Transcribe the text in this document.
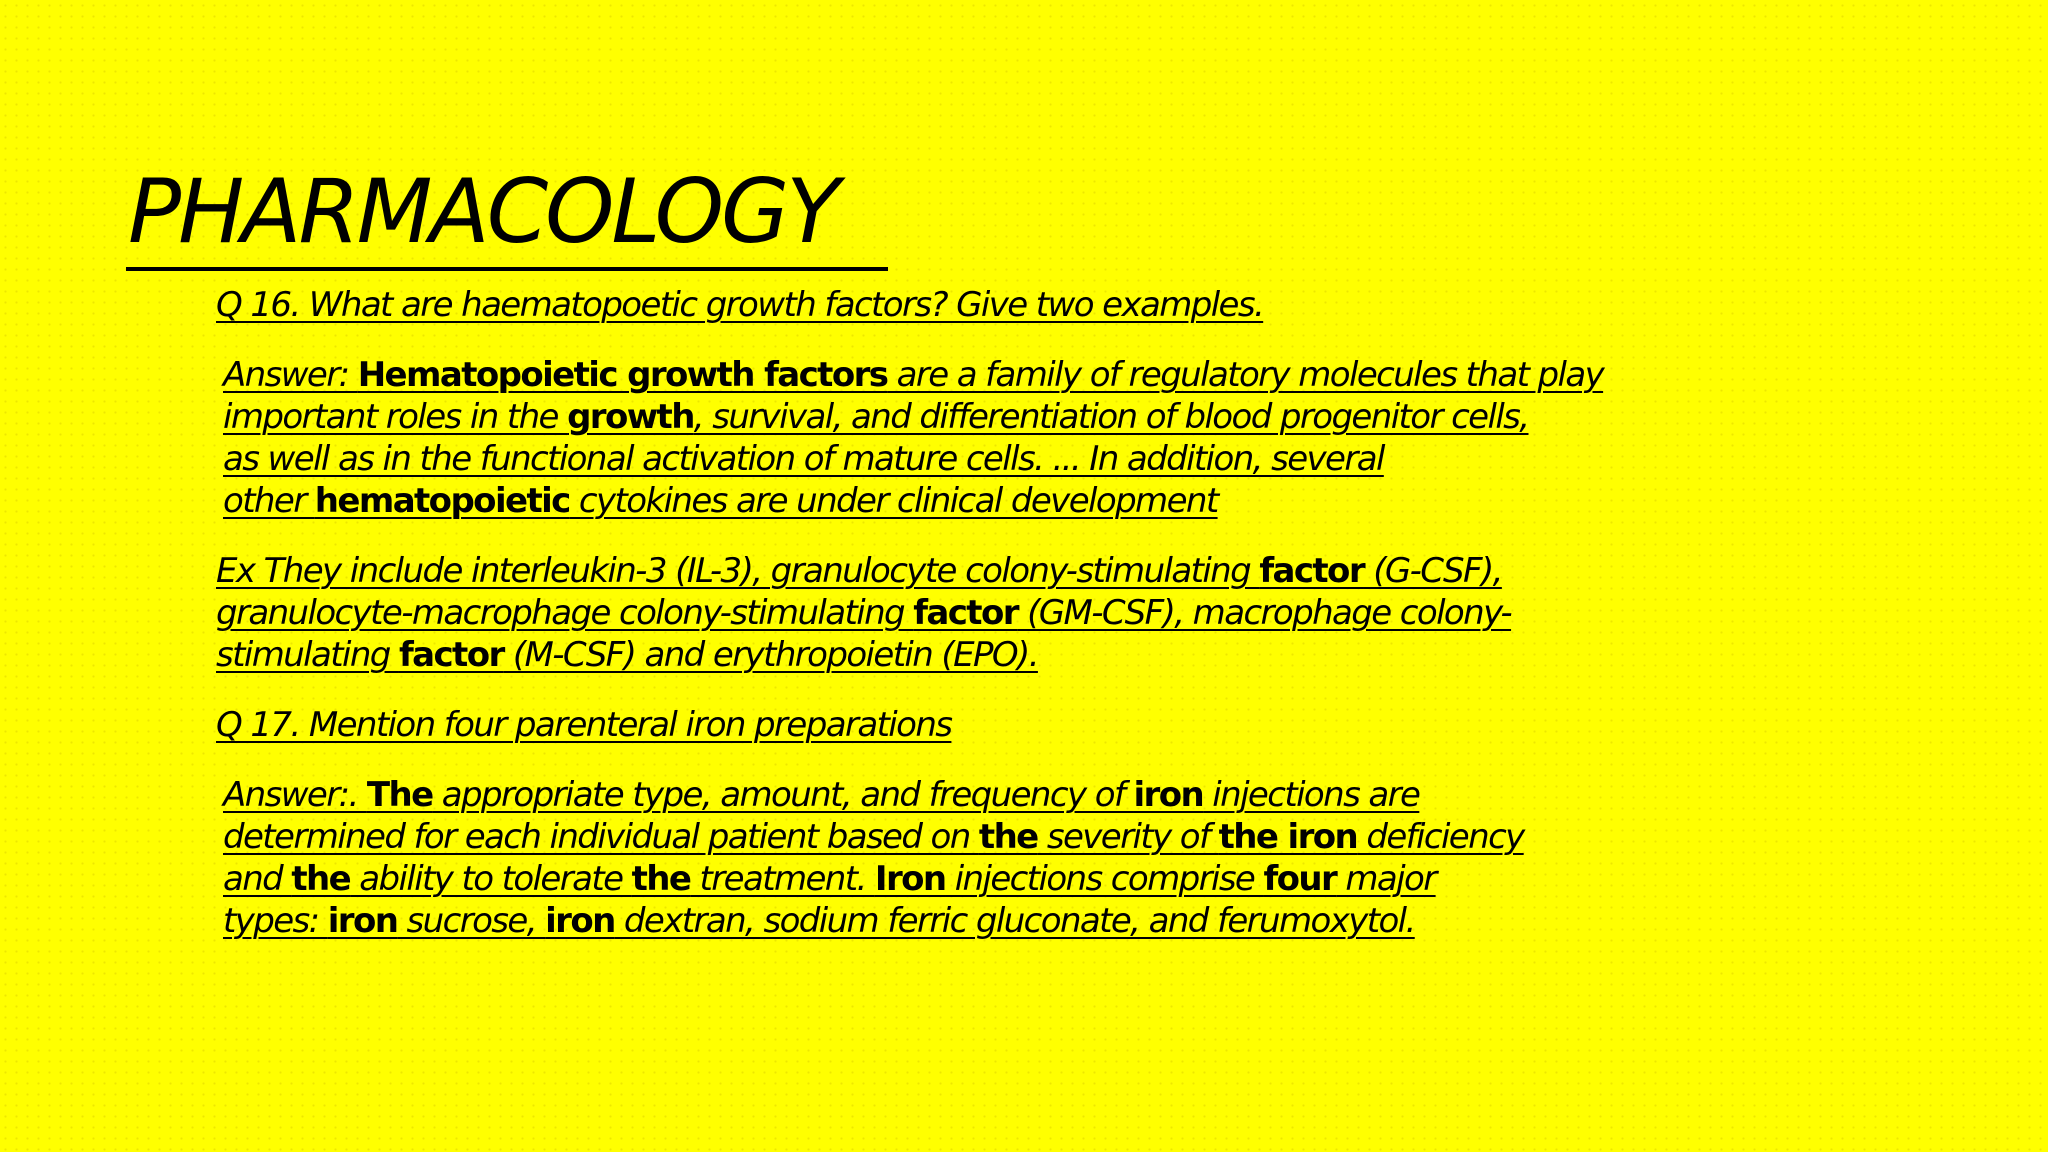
PHARMACOLOGY

Q 16. What are haematopoetic growth factors? Give two examples.

Answer: Hematopoietic growth factors are a family of regulatory molecules that play
important roles in the growth, survival, and differentiation of blood progenitor cells,
as well as in the functional activation of mature cells. ... In addition, several
other hematopoietic cytokines are under clinical development
Ex They include interleukin-3 (IL-3), granulocyte colony-stimulating factor (G-CSF),
granulocyte-macrophage colony-stimulating factor (GM-CSF), macrophage colony-
stimulating factor (M-CSF) and erythropoietin (EPO).

Q 17. Mention four parenteral iron preparations

Answer:. The appropriate type, amount, and frequency of iron injections are
determined for each individual patient based on the severity of the iron deficiency
and the ability to tolerate the treatment. Iron injections comprise four major
types: iron sucrose, iron dextran, sodium ferric gluconate, and ferumoxytol.
